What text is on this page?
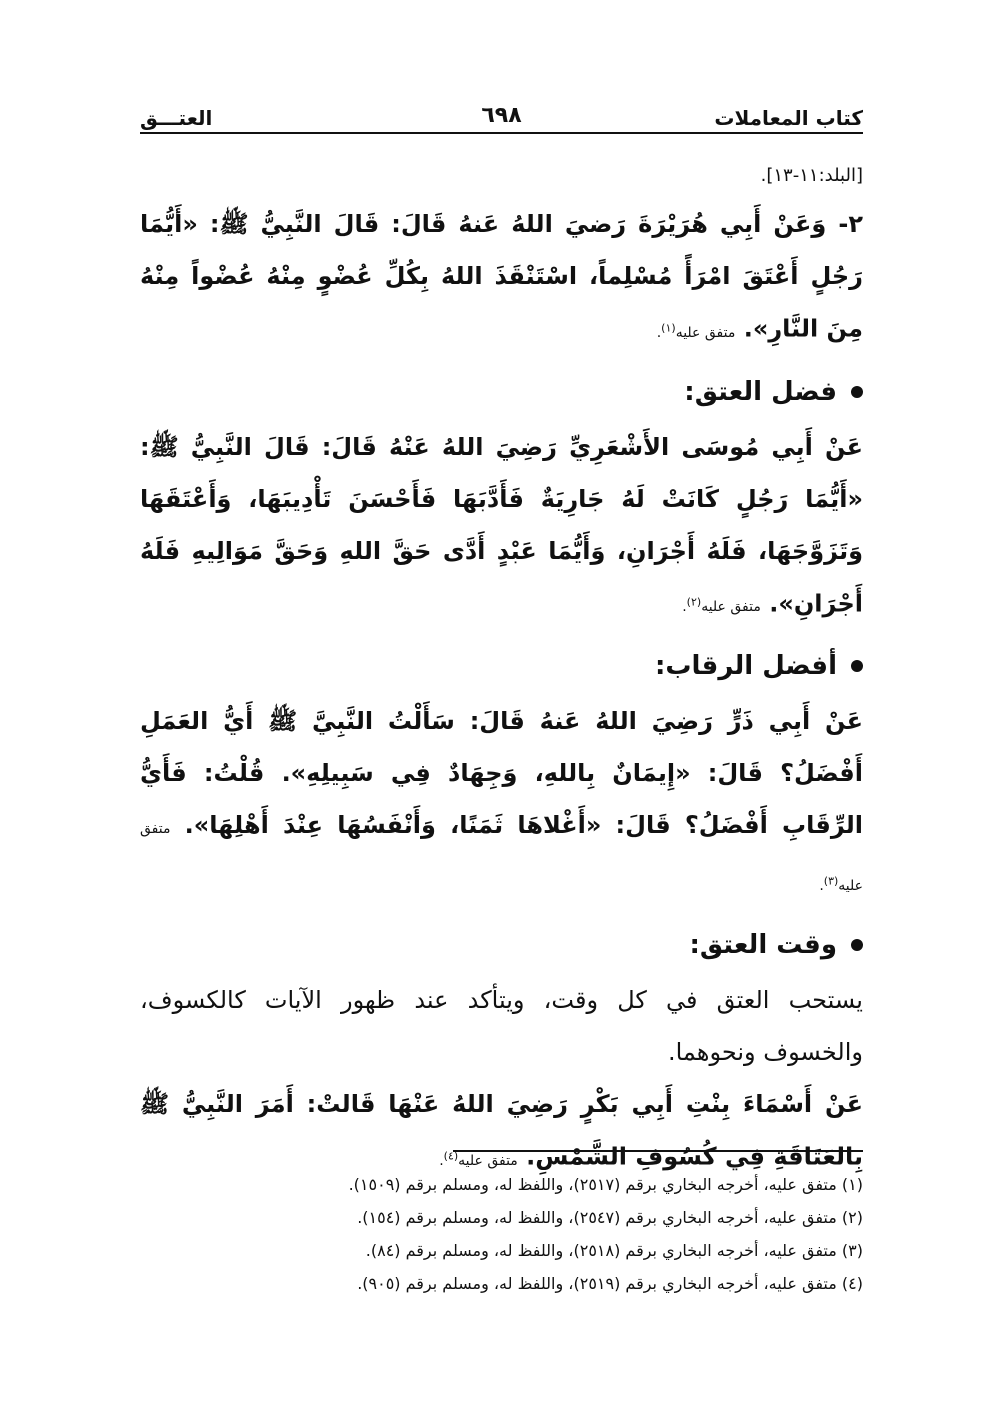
كتاب المعاملات
٦٩٨
العتـــق
[البلد:١١-١٣].

٢- وَعَنْ أَبِي هُرَيْرَةَ رَضيَ اللهُ عَنهُ قَالَ: قَالَ النَّبِيُّ ﷺ: «أَيُّمَا رَجُلٍ أَعْتَقَ امْرَأً مُسْلِماً، اسْتَنْقَذَ اللهُ بِكُلِّ عُضْوٍ مِنْهُ عُضْواً مِنْهُ مِنَ النَّارِ». متفق عليه$^{(١)}$.

فضل العتق:

عَنْ أَبِي مُوسَى الأَشْعَرِيِّ رَضِيَ اللهُ عَنْهُ قَالَ: قَالَ النَّبِيُّ ﷺ: «أَيُّمَا رَجُلٍ كَانَتْ لَهُ جَارِيَةٌ فَأَدَّبَهَا فَأَحْسَنَ تَأْدِيبَهَا، وَأَعْتَقَهَا وَتَزَوَّجَهَا، فَلَهُ أَجْرَانِ، وَأَيُّمَا عَبْدٍ أَدَّى حَقَّ اللهِ وَحَقَّ مَوَالِيهِ فَلَهُ أَجْرَانِ». متفق عليه$^{(٢)}$.

أفضل الرقاب:

عَنْ أَبِي ذَرٍّ رَضِيَ اللهُ عَنهُ قَالَ: سَأَلْتُ النَّبِيَّ ﷺ أَيُّ العَمَلِ أَفْضَلُ؟ قَالَ: «إِيمَانٌ بِاللهِ، وَجِهَادٌ فِي سَبِيلِهِ». قُلْتُ: فَأَيُّ الرِّقَابِ أَفْضَلُ؟ قَالَ: «أَغْلاهَا ثَمَنًا، وَأَنْفَسُهَا عِنْدَ أَهْلِهَا». متفق عليه$^{(٣)}$.

وقت العتق:

يستحب العتق في كل وقت، ويتأكد عند ظهور الآيات كالكسوف، والخسوف ونحوهما.

عَنْ أَسْمَاءَ بِنْتِ أَبِي بَكْرٍ رَضِيَ اللهُ عَنْهَا قَالتْ: أَمَرَ النَّبِيُّ ﷺ بِالعَتَاقَةِ فِي كُسُوفِ الشَّمْسِ. متفق عليه$^{(٤)}$.

(١) متفق عليه، أخرجه البخاري برقم (٢٥١٧)، واللفظ له، ومسلم برقم (١٥٠٩).

(٢) متفق عليه، أخرجه البخاري برقم (٢٥٤٧)، واللفظ له، ومسلم برقم (١٥٤).

(٣) متفق عليه، أخرجه البخاري برقم (٢٥١٨)، واللفظ له، ومسلم برقم (٨٤).

(٤) متفق عليه، أخرجه البخاري برقم (٢٥١٩)، واللفظ له، ومسلم برقم (٩٠٥).
